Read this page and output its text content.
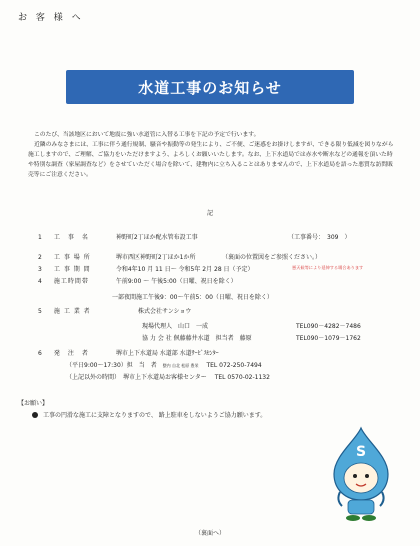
お 客 様 へ
水道工事のお知らせ

このたび、当該地区において地震に強い水道管に入替る工事を下記の予定で行います。

近隣のみなさまには、工事に伴う通行規制、騒音や振動等の発生により、ご不便、ご迷惑をお掛けしますが、できる限り低減を図りながら施工しますので、ご理解、ご協力をいただけますよう、よろしくお願いいたします。なお、上下水道局では赤水や断水などの通報を頂いた時や特別な調査（家屋調査など）をさせていただく場合を除いて、建物内に立ち入ることはありませんので、上下水道局を語った悪質な訪問販売等にご注意ください。

記
1 工　事　名	神野町2丁ほか配水管布設工事	（工事番号：　309　）
2 工 事 場 所	堺市西区神野町2丁ほか1か所	（裏面の位置図をご参照ください。）
3 工 事 期 間	令和4年10 月 11 日～ 令和5年 2月 28 日（予定）	悪天候等により延伸する場合あります
4 施工時間帯	午前9:00 ～ 午後5:00（日曜、祝日を除く）
一部夜間施工午後9：00～午前5：00（日曜、祝日を除く）
5 施 工 業 者	株式会社サンショウ
現場代理人　山口　一成	TEL090－4282－7486
協 力 会 社 㑉藤藤井水道　担当者　藤原	TEL090－1079－1762
6 発　注　者	堺市上下水道局 水道部 水道ｻｰﾋﾞｽｾﾝﾀｰ
（平日9:00～17:30）担　当　者 整内 自北 松原 豊栄 TEL 072-250-7494
（上記以外の時間）　堺市上下水道局お客様センター TEL 0570-02-1132
【お願い】
工事の円滑な施工に支障となりますので、 路上駐車をしないようご協力願います。
S
（裏面へ）
